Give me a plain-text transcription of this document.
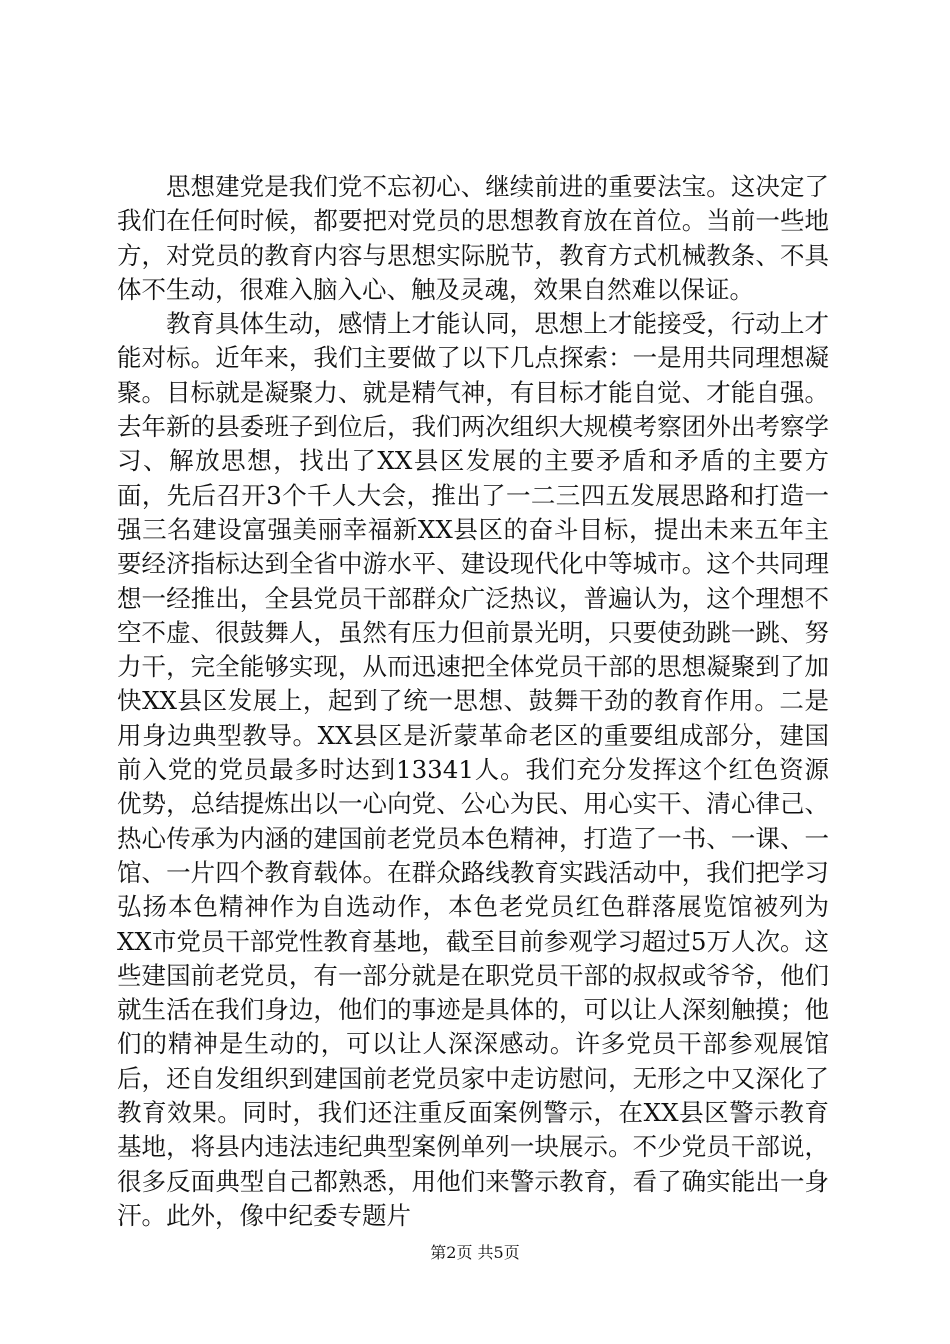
思想建党是我们党不忘初心、继续前进的重要法宝。这决定了我们在任何时候，都要把对党员的思想教育放在首位。当前一些地方，对党员的教育内容与思想实际脱节，教育方式机械教条、不具体不生动，很难入脑入心、触及灵魂，效果自然难以保证。

教育具体生动，感情上才能认同，思想上才能接受，行动上才能对标。近年来，我们主要做了以下几点探索：一是用共同理想凝聚。目标就是凝聚力、就是精气神，有目标才能自觉、才能自强。去年新的县委班子到位后，我们两次组织大规模考察团外出考察学习、解放思想，找出了XX县区发展的主要矛盾和矛盾的主要方面，先后召开3个千人大会，推出了一二三四五发展思路和打造一强三名建设富强美丽幸福新XX县区的奋斗目标，提出未来五年主要经济指标达到全省中游水平、建设现代化中等城市。这个共同理想一经推出，全县党员干部群众广泛热议，普遍认为，这个理想不空不虚、很鼓舞人，虽然有压力但前景光明，只要使劲跳一跳、努力干，完全能够实现，从而迅速把全体党员干部的思想凝聚到了加快XX县区发展上，起到了统一思想、鼓舞干劲的教育作用。二是用身边典型教导。XX县区是沂蒙革命老区的重要组成部分，建国前入党的党员最多时达到13341人。我们充分发挥这个红色资源优势，总结提炼出以一心向党、公心为民、用心实干、清心律己、热心传承为内涵的建国前老党员本色精神，打造了一书、一课、一馆、一片四个教育载体。在群众路线教育实践活动中，我们把学习弘扬本色精神作为自选动作，本色老党员红色群落展览馆被列为XX市党员干部党性教育基地，截至目前参观学习超过5万人次。这些建国前老党员，有一部分就是在职党员干部的叔叔或爷爷，他们就生活在我们身边，他们的事迹是具体的，可以让人深刻触摸；他们的精神是生动的，可以让人深深感动。许多党员干部参观展馆后，还自发组织到建国前老党员家中走访慰问，无形之中又深化了教育效果。同时，我们还注重反面案例警示，在XX县区警示教育基地，将县内违法违纪典型案例单列一块展示。不少党员干部说，很多反面典型自己都熟悉，用他们来警示教育，看了确实能出一身汗。此外，像中纪委专题片

第2页 共5页
